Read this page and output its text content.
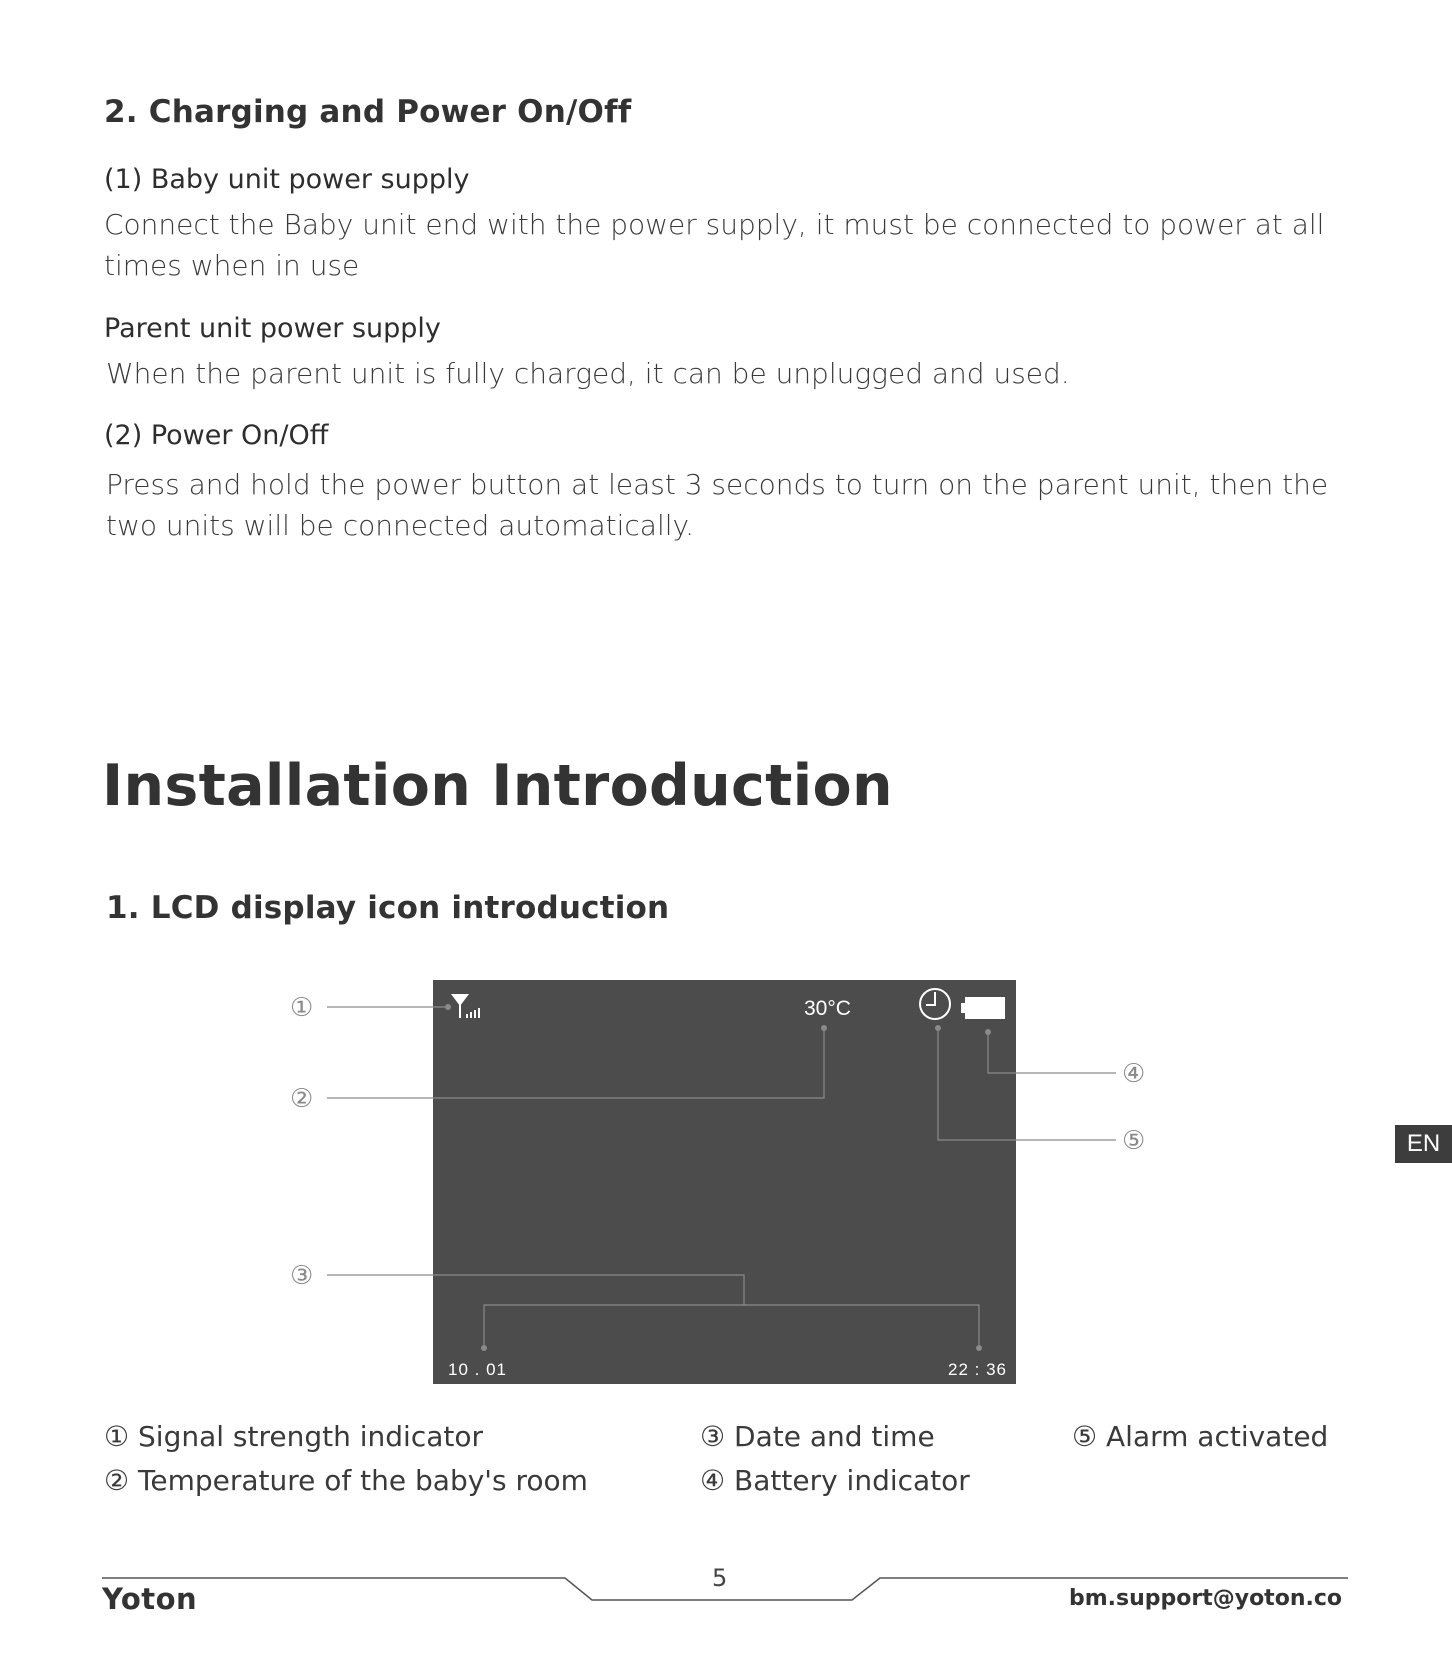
2. Charging and Power On/Off
(1) Baby unit power supply
Connect the Baby unit end with the power supply, it must be connected to power at all times when in use
Parent unit power supply
When the parent unit is fully charged, it can be unplugged and used.
(2) Power On/Off
Press and hold the power button at least 3 seconds to turn on the parent unit, then the two units will be connected automatically.
Installation Introduction
1. LCD display icon introduction
30°C
10 . 01	22 : 36
①
②
③
④
⑤	EN
① Signal strength indicator
② Temperature of the baby's room
③ Date and time
④ Battery indicator
⑤ Alarm activated
Yoton
5
bm.support@yoton.co
